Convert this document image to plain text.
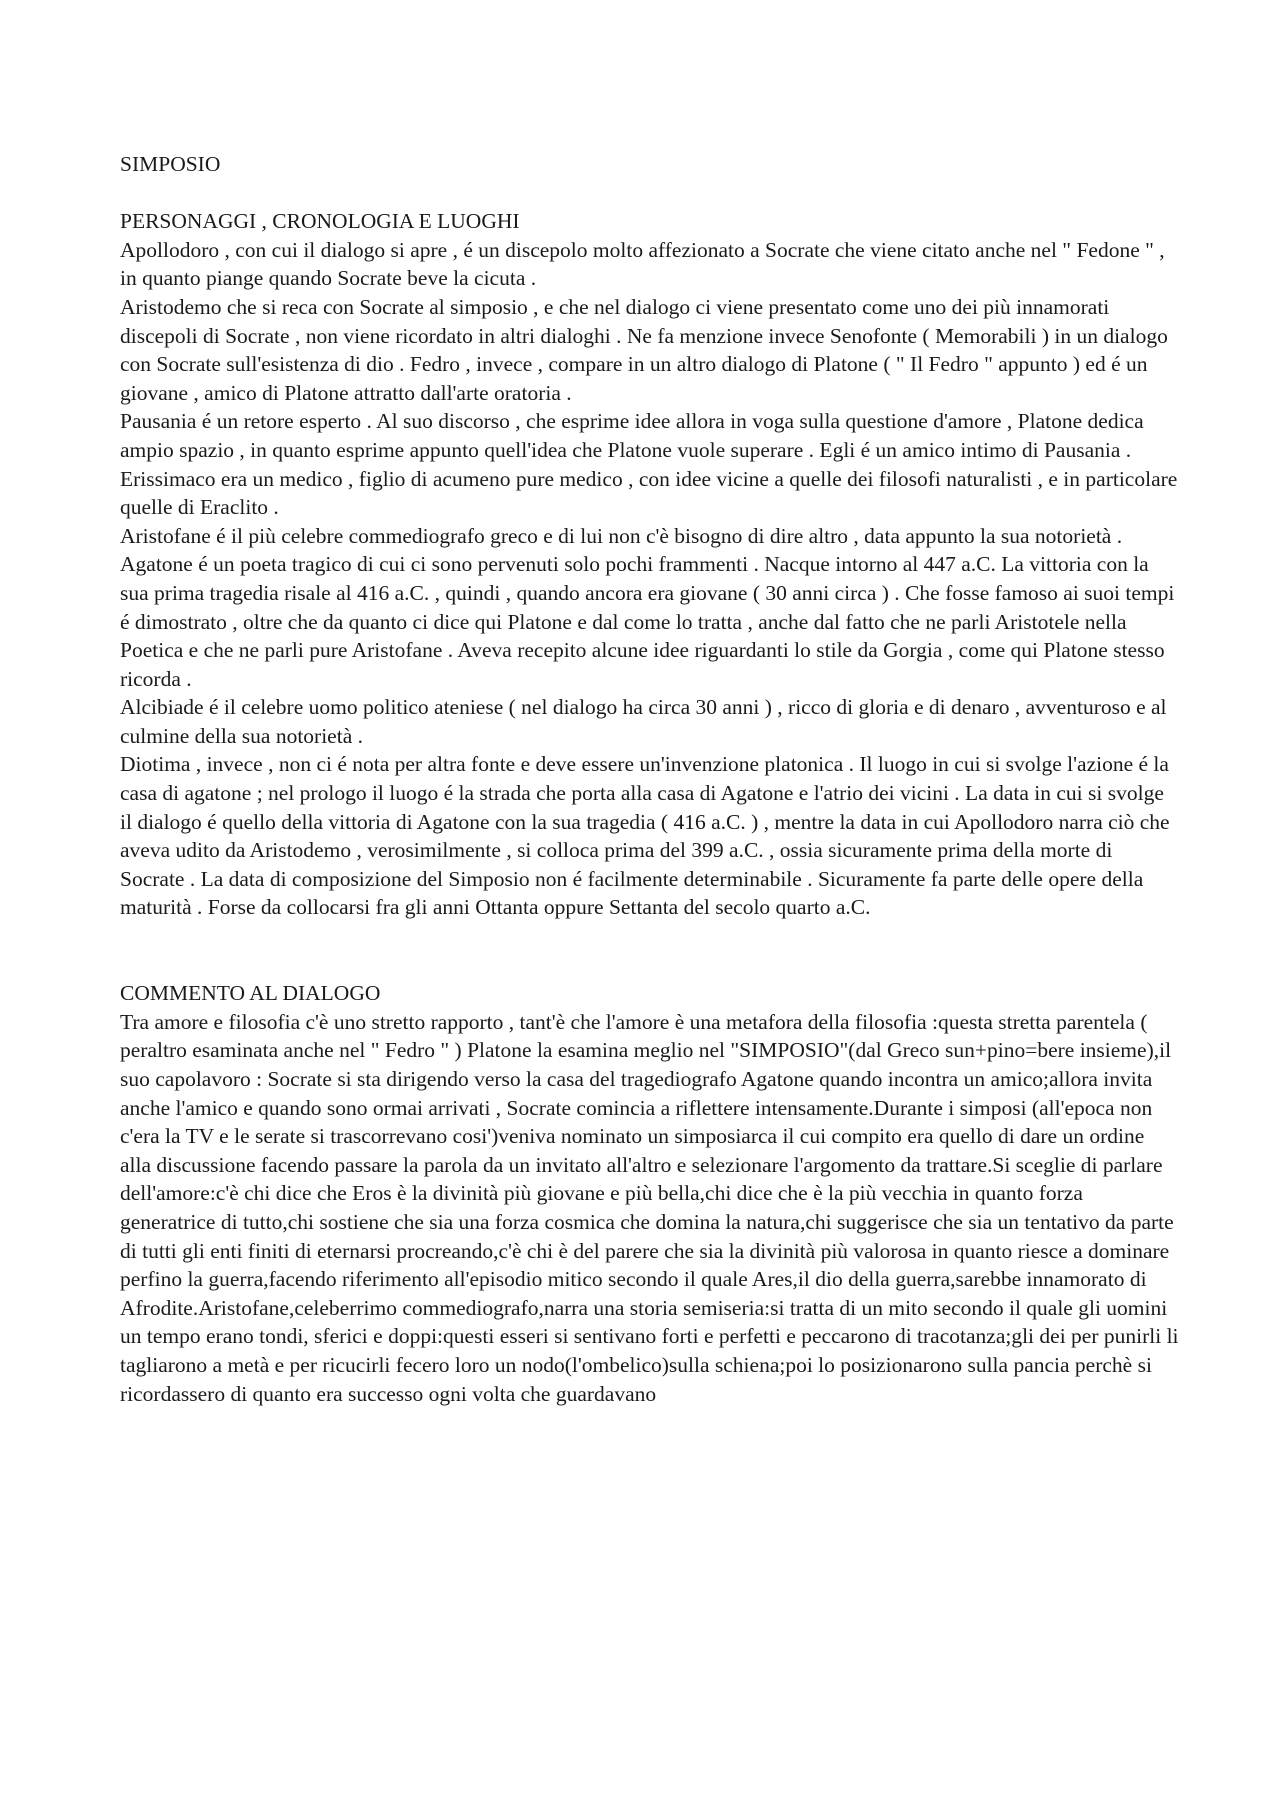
SIMPOSIO
PERSONAGGI , CRONOLOGIA E LUOGHI

Apollodoro , con cui il dialogo si apre , é un discepolo molto affezionato a Socrate che viene citato anche nel " Fedone " , in quanto piange quando Socrate beve la cicuta .

Aristodemo che si reca con Socrate al simposio , e che nel dialogo ci viene presentato come uno dei più innamorati discepoli di Socrate , non viene ricordato in altri dialoghi . Ne fa menzione invece Senofonte ( Memorabili ) in un dialogo con Socrate sull'esistenza di dio . Fedro , invece , compare in un altro dialogo di Platone ( " Il Fedro " appunto ) ed é un giovane , amico di Platone attratto dall'arte oratoria .

Pausania é un retore esperto . Al suo discorso , che esprime idee allora in voga sulla questione d'amore , Platone dedica ampio spazio , in quanto esprime appunto quell'idea che Platone vuole superare . Egli é un amico intimo di Pausania .

Erissimaco era un medico , figlio di acumeno pure medico , con idee vicine a quelle dei filosofi naturalisti , e in particolare quelle di Eraclito .

Aristofane é il più celebre commediografo greco e di lui non c'è bisogno di dire altro , data appunto la sua notorietà .

Agatone é un poeta tragico di cui ci sono pervenuti solo pochi frammenti . Nacque intorno al 447 a.C. La vittoria con la sua prima tragedia risale al 416 a.C. , quindi , quando ancora era giovane ( 30 anni circa ) . Che fosse famoso ai suoi tempi é dimostrato , oltre che da quanto ci dice qui Platone e dal come lo tratta , anche dal fatto che ne parli Aristotele nella Poetica e che ne parli pure Aristofane . Aveva recepito alcune idee riguardanti lo stile da Gorgia , come qui Platone stesso ricorda .

Alcibiade é il celebre uomo politico ateniese ( nel dialogo ha circa 30 anni ) , ricco di gloria e di denaro , avventuroso e al culmine della sua notorietà .

Diotima , invece , non ci é nota per altra fonte e deve essere un'invenzione platonica . Il luogo in cui si svolge l'azione é la casa di agatone ; nel prologo il luogo é la strada che porta alla casa di Agatone e l'atrio dei vicini . La data in cui si svolge il dialogo é quello della vittoria di Agatone con la sua tragedia ( 416 a.C. ) , mentre la data in cui Apollodoro narra ciò che aveva udito da Aristodemo , verosimilmente , si colloca prima del 399 a.C. , ossia sicuramente prima della morte di Socrate . La data di composizione del Simposio non é facilmente determinabile . Sicuramente fa parte delle opere della maturità . Forse da collocarsi fra gli anni Ottanta oppure Settanta del secolo quarto a.C.

COMMENTO AL DIALOGO

Tra amore e filosofia c'è uno stretto rapporto , tant'è che l'amore è una metafora della filosofia :questa stretta parentela ( peraltro esaminata anche nel " Fedro " ) Platone la esamina meglio nel "SIMPOSIO"(dal Greco sun+pino=bere insieme),il suo capolavoro : Socrate si sta dirigendo verso la casa del tragediografo Agatone quando incontra un amico;allora invita anche l'amico e quando sono ormai arrivati , Socrate comincia a riflettere intensamente.Durante i simposi (all'epoca non c'era la TV e le serate si trascorrevano cosi')veniva nominato un simposiarca il cui compito era quello di dare un ordine alla discussione facendo passare la parola da un invitato all'altro e selezionare l'argomento da trattare.Si sceglie di parlare dell'amore:c'è chi dice che Eros è la divinità più giovane e più bella,chi dice che è la più vecchia in quanto forza generatrice di tutto,chi sostiene che sia una forza cosmica che domina la natura,chi suggerisce che sia un tentativo da parte di tutti gli enti finiti di eternarsi procreando,c'è chi è del parere che sia la divinità più valorosa in quanto riesce a dominare perfino la guerra,facendo riferimento all'episodio mitico secondo il quale Ares,il dio della guerra,sarebbe innamorato di Afrodite.Aristofane,celeberrimo commediografo,narra una storia semiseria:si tratta di un mito secondo il quale gli uomini un tempo erano tondi, sferici e doppi:questi esseri si sentivano forti e perfetti e peccarono di tracotanza;gli dei per punirli li tagliarono a metà e per ricucirli fecero loro un nodo(l'ombelico)sulla schiena;poi lo posizionarono sulla pancia perchè si ricordassero di quanto era successo ogni volta che guardavano
